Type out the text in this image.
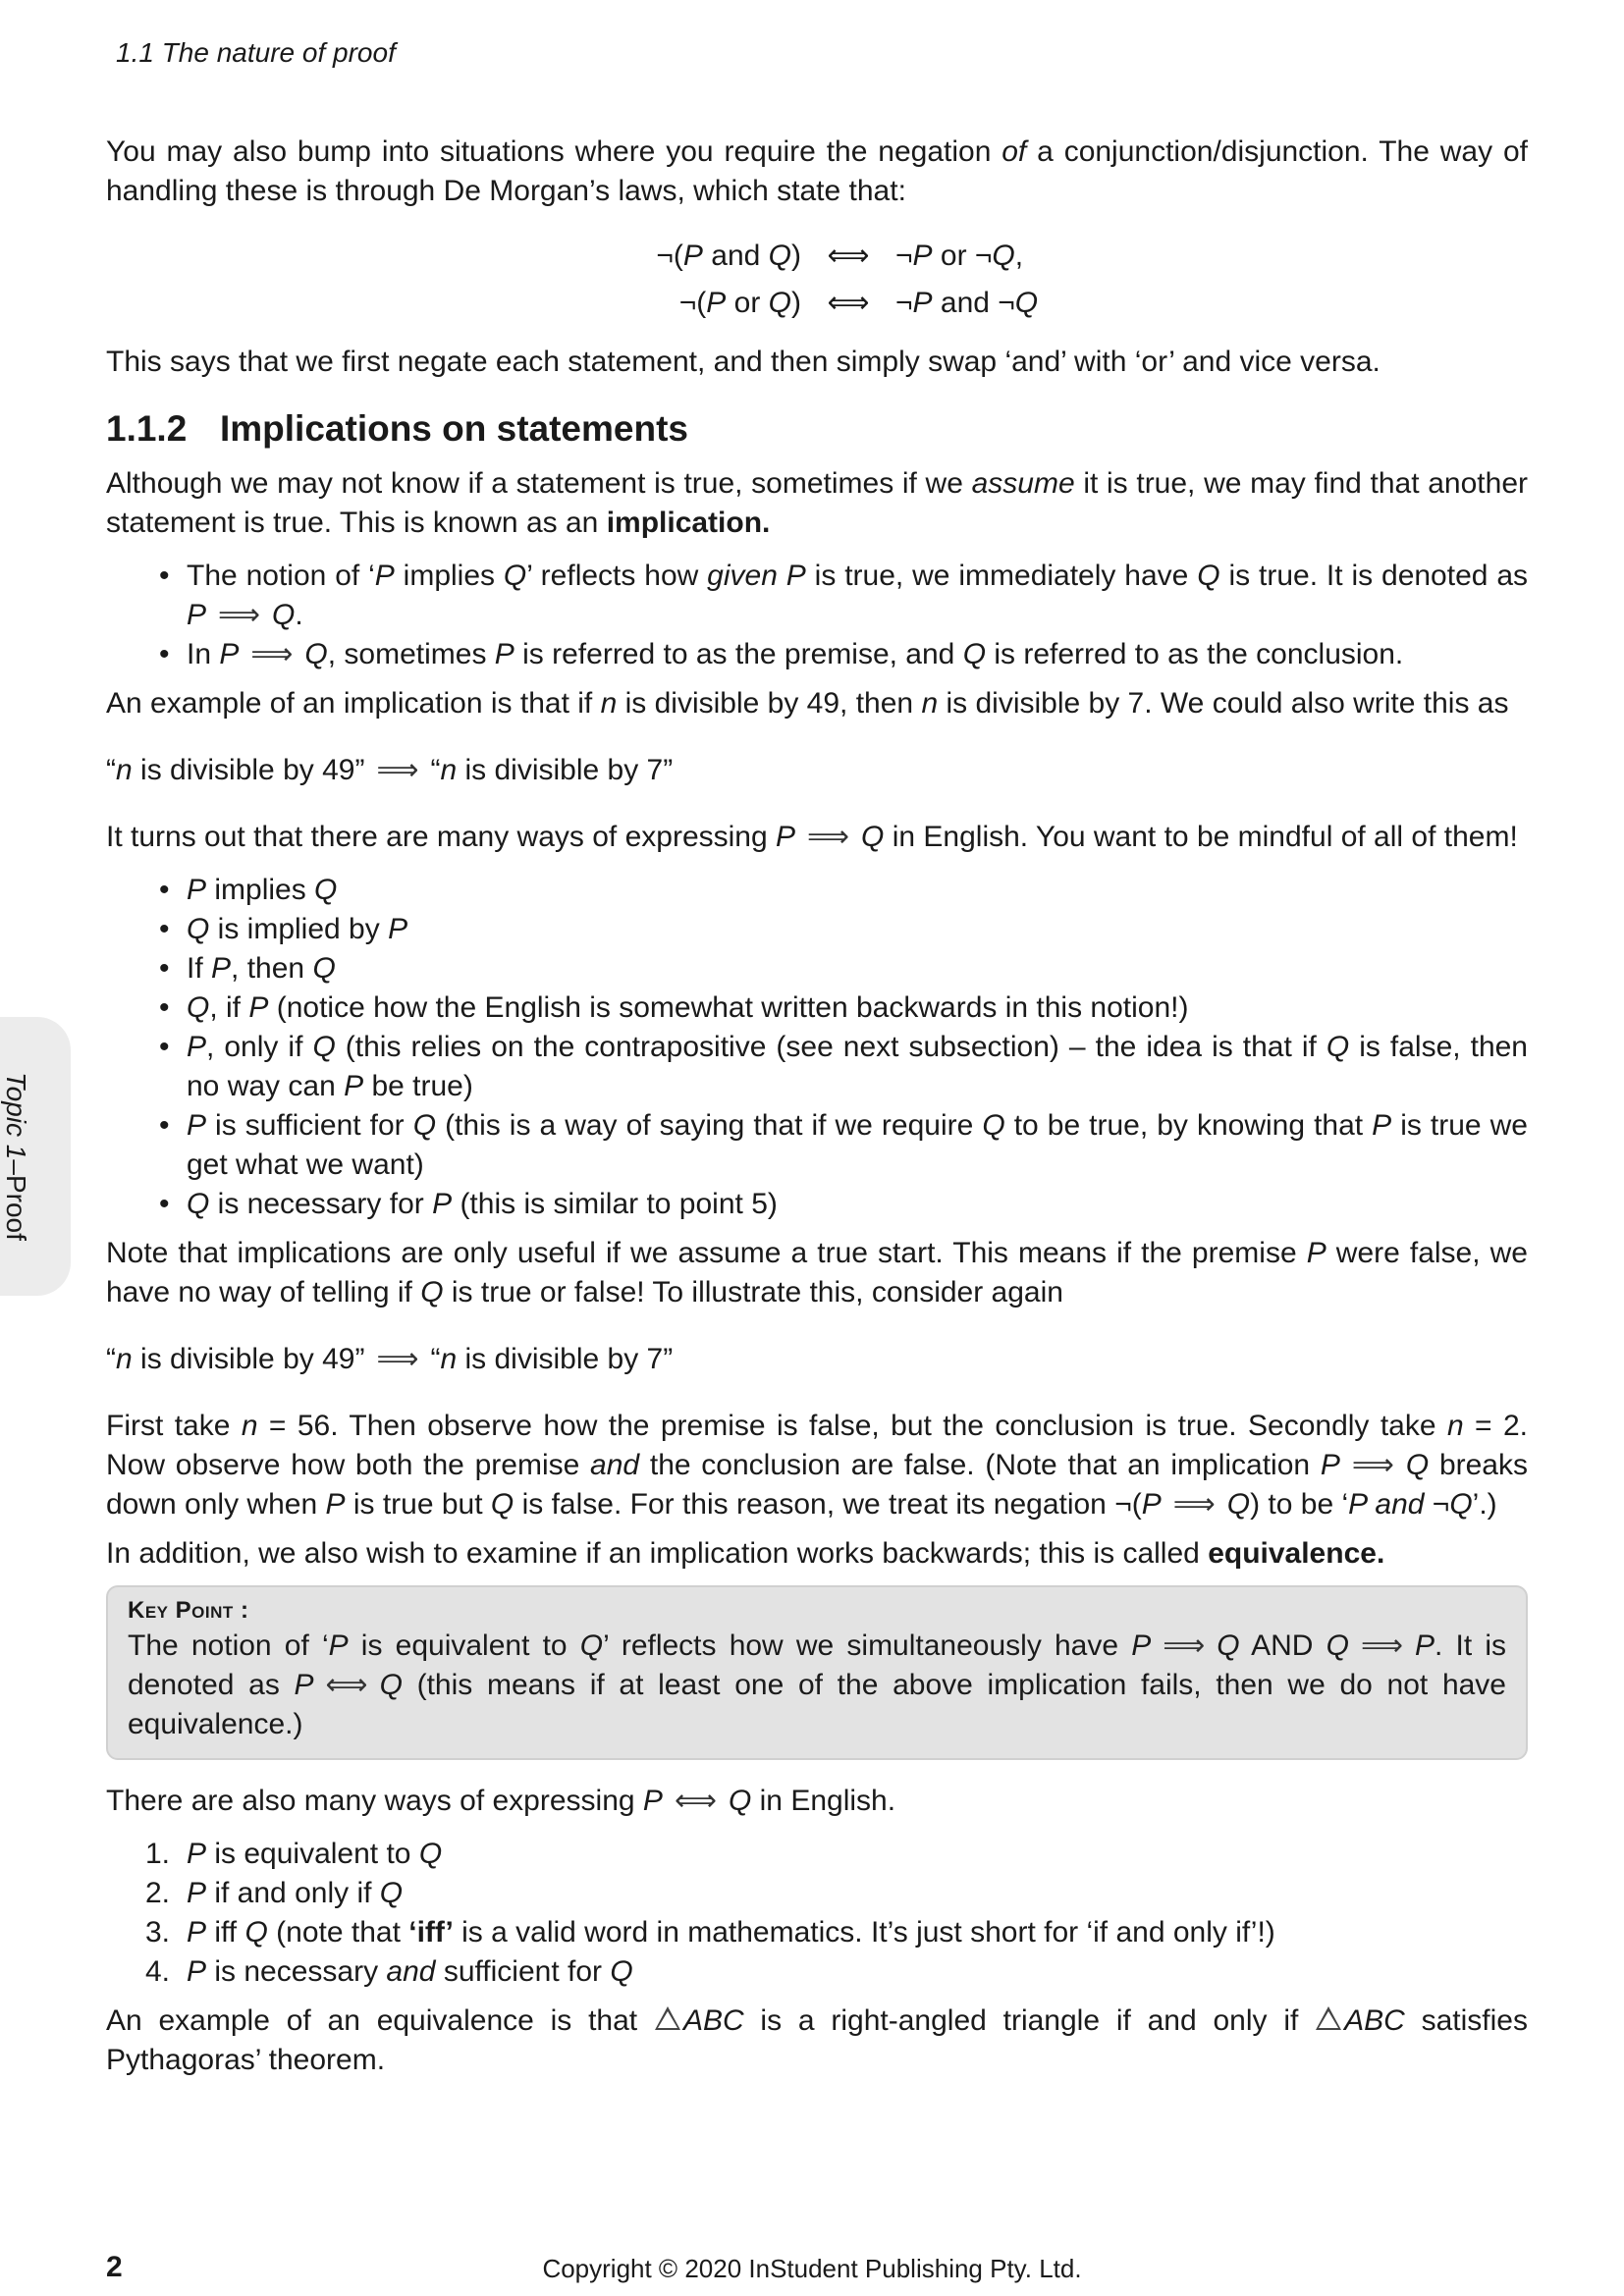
1.1 The nature of proof
Topic 1
–
Proof

You may also bump into situations where you require the negation of a conjunction/disjunction. The way of handling these is through De Morgan’s laws, which state that:

¬(P and Q)	⟺	¬P or ¬Q,
¬(P or Q)	⟺	¬P and ¬Q

This says that we first negate each statement, and then simply swap ‘and’ with ‘or’ and vice versa.

1.1.2 Implications on statements

Although we may not know if a statement is true, sometimes if we assume it is true, we may find that another statement is true. This is known as an implication.

• The notion of ‘P implies Q’ reflects how given P is true, we immediately have Q is true. It is denoted as P ⟹ Q.
• In P ⟹ Q, sometimes P is referred to as the premise, and Q is referred to as the conclusion.

An example of an implication is that if n is divisible by 49, then n is divisible by 7. We could also write this as

“n is divisible by 49” ⟹ “n is divisible by 7”

It turns out that there are many ways of expressing P ⟹ Q in English. You want to be mindful of all of them!

• P implies Q
• Q is implied by P
• If P, then Q
• Q, if P (notice how the English is somewhat written backwards in this notion!)
• P, only if Q (this relies on the contrapositive (see next subsection) – the idea is that if Q is false, then no way can P be true)
• P is sufficient for Q (this is a way of saying that if we require Q to be true, by knowing that P is true we get what we want)
• Q is necessary for P (this is similar to point 5)

Note that implications are only useful if we assume a true start. This means if the premise P were false, we have no way of telling if Q is true or false! To illustrate this, consider again

“n is divisible by 49” ⟹ “n is divisible by 7”

First take n = 56. Then observe how the premise is false, but the conclusion is true. Secondly take n = 2. Now observe how both the premise and the conclusion are false. (Note that an implication P ⟹ Q breaks down only when P is true but Q is false. For this reason, we treat its negation ¬(P ⟹ Q) to be ‘P and ¬Q’.)

In addition, we also wish to examine if an implication works backwards; this is called equivalence.

Key Point :
The notion of ‘P is equivalent to Q’ reflects how we simultaneously have P ⟹ Q AND Q ⟹ P. It is denoted as P ⟺ Q (this means if at least one of the above implication fails, then we do not have equivalence.)

There are also many ways of expressing P ⟺ Q in English.

1. P is equivalent to Q
2. P if and only if Q
3. P iff Q (note that ‘iff’ is a valid word in mathematics. It’s just short for ‘if and only if’!)
4. P is necessary and sufficient for Q

An example of an equivalence is that ABC is a right-angled triangle if and only if ABC satisfies Pythagoras’ theorem.

2	Copyright © 2020 InStudent Publishing Pty. Ltd.
